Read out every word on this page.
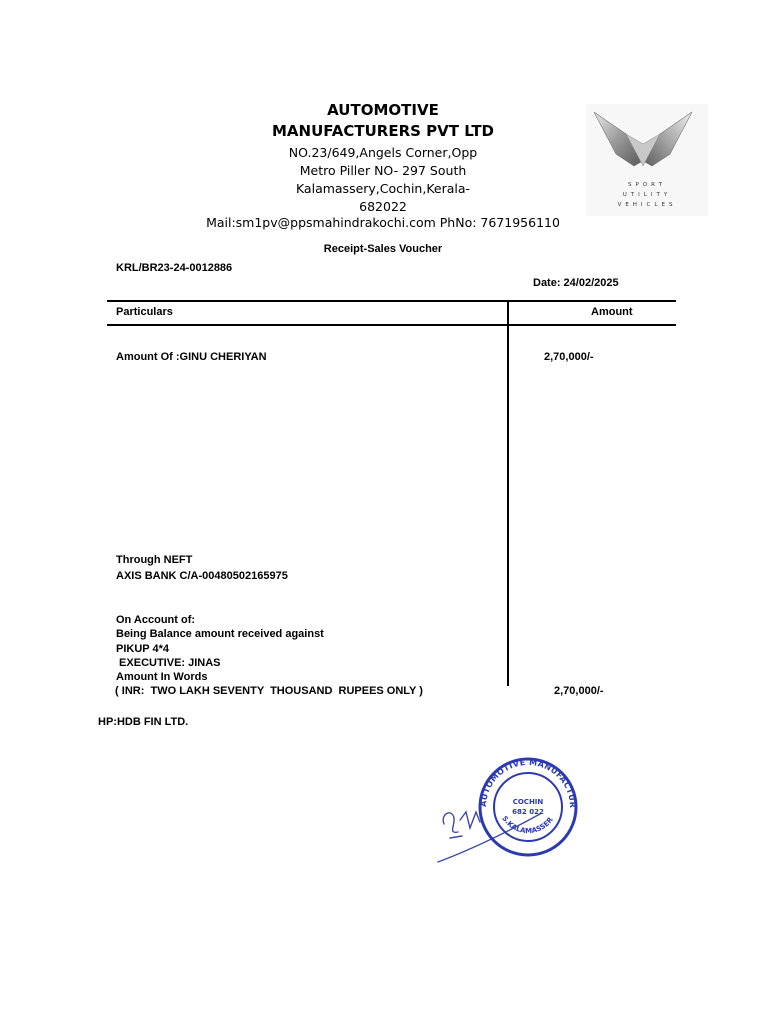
AUTOMOTIVE
MANUFACTURERS PVT LTD
NO.23/649,Angels Corner,Opp
Metro Piller NO- 297 South
Kalamassery,Cochin,Kerala-
682022
Mail:sm1pv@ppsmahindrakochi.com PhNo: 7671956110
SPORT
UTILITY
VEHICLES
Receipt-Sales Voucher
KRL/BR23-24-0012886
Date: 24/02/2025
Particulars	Amount
Amount Of :GINU CHERIYAN	2,70,000/-
Through NEFT
AXIS BANK C/A-00480502165975
On Account of:
Being Balance amount received against
PIKUP 4*4
EXECUTIVE: JINAS
Amount In Words
( INR:  TWO LAKH SEVENTY  THOUSAND  RUPEES ONLY )	2,70,000/-
HP:HDB FIN LTD.
AUTOMOTIVE MANUFACTUR
S.KALAMASSER
COCHIN
682 022
